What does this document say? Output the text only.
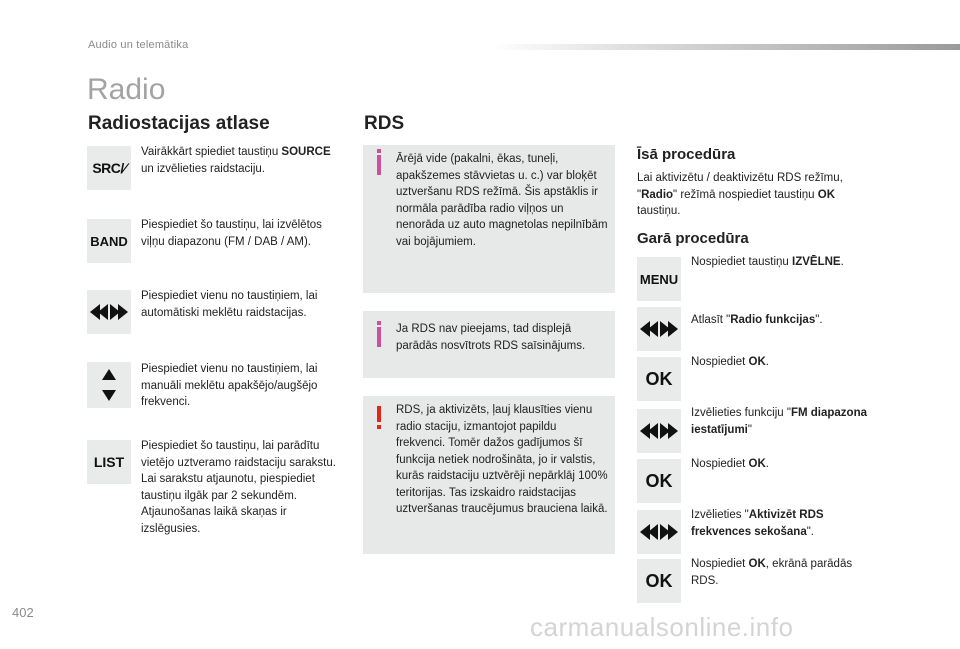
Audio un telemātika
Radio
Radiostacijas atlase
SRC/∕
Vairākkārt spiediet taustiņu SOURCE un izvēlieties raidstaciju.
BAND
Piespiediet šo taustiņu, lai izvēlētos viļņu diapazonu (FM / DAB / AM).
Piespiediet vienu no taustiņiem, lai automātiski meklētu raidstacijas.
Piespiediet vienu no taustiņiem, lai manuāli meklētu apakšējo/augšējo frekvenci.
LIST
Piespiediet šo taustiņu, lai parādītu vietējo uztveramo raidstaciju sarakstu.
Lai sarakstu atjaunotu, piespiediet taustiņu ilgāk par 2 sekundēm. Atjaunošanas laikā skaņas ir izslēgusies.
RDS
Ārējā vide (pakalni, ēkas, tuneļi, apakšzemes stāvvietas u. c.) var bloķēt uztveršanu RDS režīmā. Šis apstāklis ir normāla parādība radio viļņos un nenorāda uz auto magnetolas nepilnībām vai bojājumiem.
Ja RDS nav pieejams, tad displejā parādās nosvītrots RDS saīsinājums.
RDS, ja aktivizēts, ļauj klausīties vienu radio staciju, izmantojot papildu frekvenci. Tomēr dažos gadījumos šī funkcija netiek nodrošināta, jo ir valstis, kurās raidstaciju uztvērēji nepārklāj 100% teritorijas. Tas izskaidro raidstacijas uztveršanas traucējumus brauciena laikā.
Īsā procedūra
Lai aktivizētu / deaktivizētu RDS režīmu, "Radio" režīmā nospiediet taustiņu OK taustiņu.
Garā procedūra
MENU
Nospiediet taustiņu IZVĒLNE.
Atlasīt "Radio funkcijas".
OK
Nospiediet OK.
Izvēlieties funkciju "FM diapazona iestatījumi"
OK
Nospiediet OK.
Izvēlieties "Aktivizēt RDS frekvences sekošana".
OK
Nospiediet OK, ekrānā parādās RDS.
402	carmanualsonline.info
